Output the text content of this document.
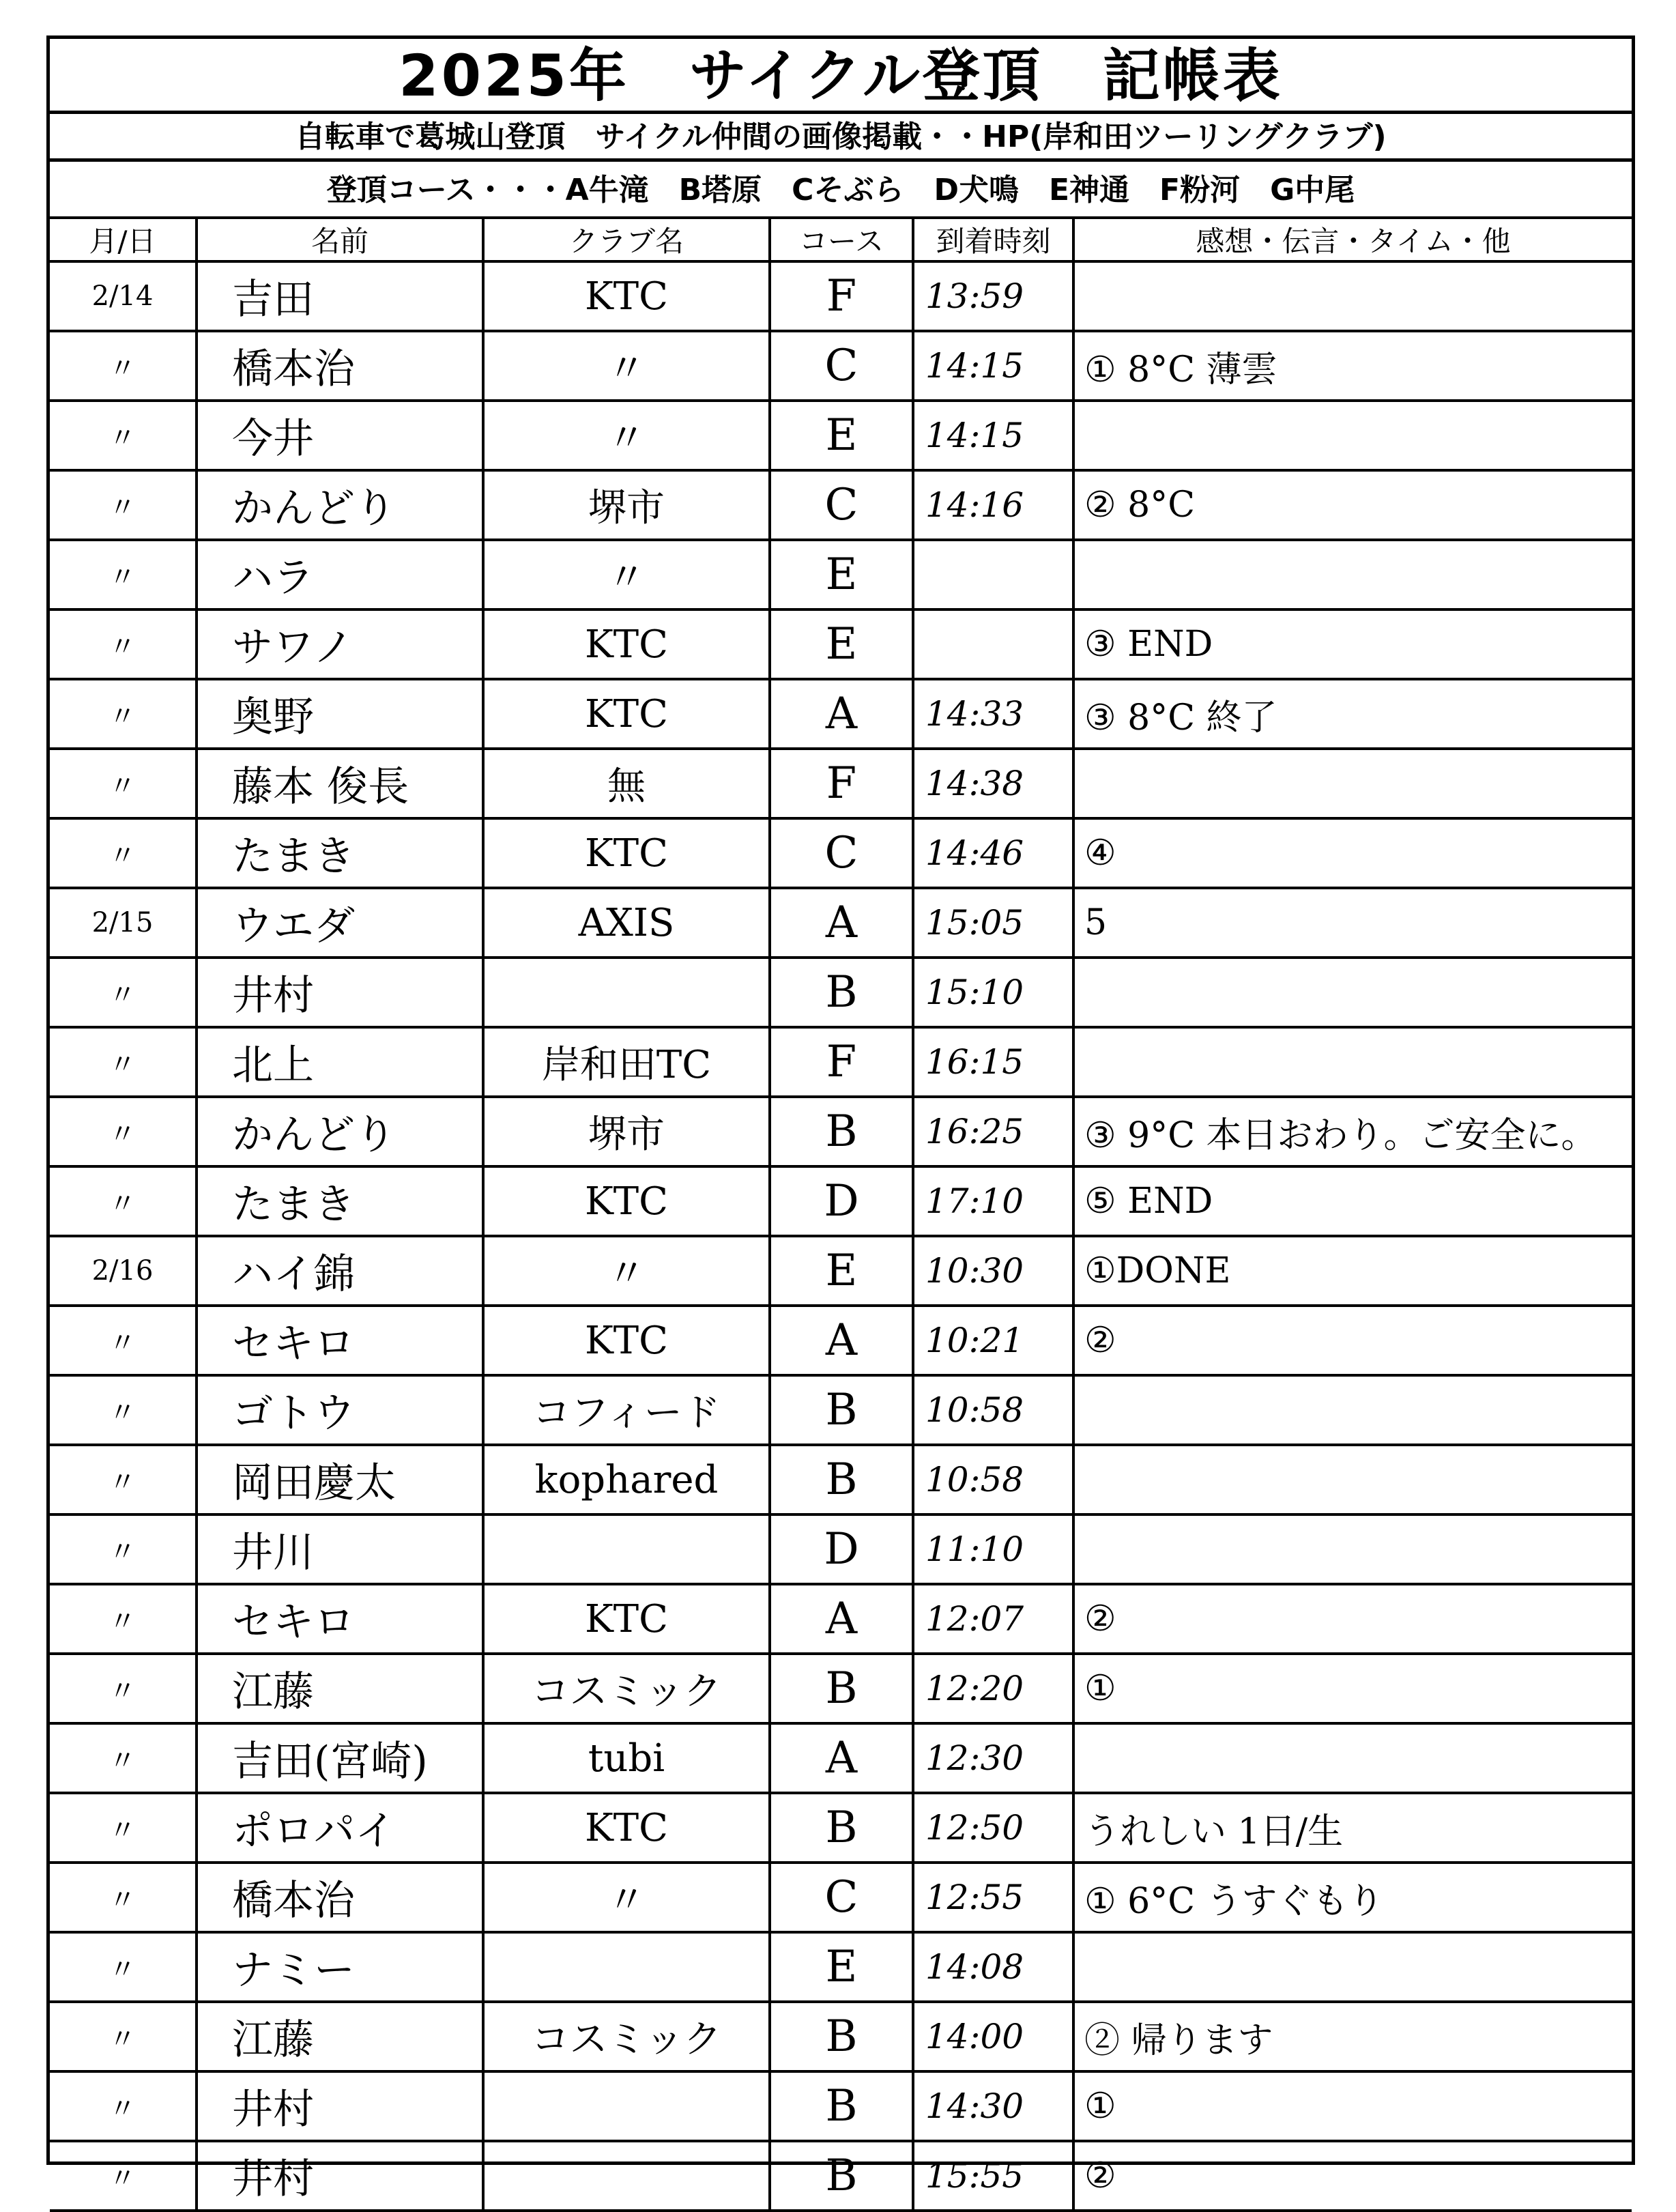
2025年　サイクル登頂　記帳表
自転車で葛城山登頂　サイクル仲間の画像掲載・・HP(岸和田ツーリングクラブ)
登頂コース・・・A牛滝　B塔原　Cそぶら　D犬鳴　E神通　F粉河　G中尾
月/日	名前	クラブ名	コース	到着時刻	感想・伝言・タイム・他
2/14	吉田	KTC	F	13:59	
〃	橋本治	〃	C	14:15	① 8°C 薄雲
〃	今井	〃	E	14:15	
〃	かんどり	堺市	C	14:16	② 8°C
〃	ハラ	〃	E		
〃	サワノ	KTC	E		③ END
〃	奥野	KTC	A	14:33	③ 8°C 終了
〃	藤本 俊長	無	F	14:38	
〃	たまき	KTC	C	14:46	④
2/15	ウエダ	AXIS	A	15:05	5
〃	井村		B	15:10	
〃	北上	岸和田TC	F	16:15	
〃	かんどり	堺市	B	16:25	③ 9°C 本日おわり。ご安全に。
〃	たまき	KTC	D	17:10	⑤ END
2/16	ハイ錦	〃	E	10:30	①DONE
〃	セキロ	KTC	A	10:21	②
〃	ゴトウ	コフィード	B	10:58	
〃	岡田慶太	kophared	B	10:58	
〃	井川		D	11:10	
〃	セキロ	KTC	A	12:07	②
〃	江藤	コスミック	B	12:20	①
〃	吉田(宮崎)	tubi	A	12:30	
〃	ポロパイ	KTC	B	12:50	うれしい 1日/生
〃	橋本治	〃	C	12:55	① 6°C うすぐもり
〃	ナミー		E	14:08	
〃	江藤	コスミック	B	14:00	② 帰ります
〃	井村		B	14:30	①
〃	井村		B	15:55	②
